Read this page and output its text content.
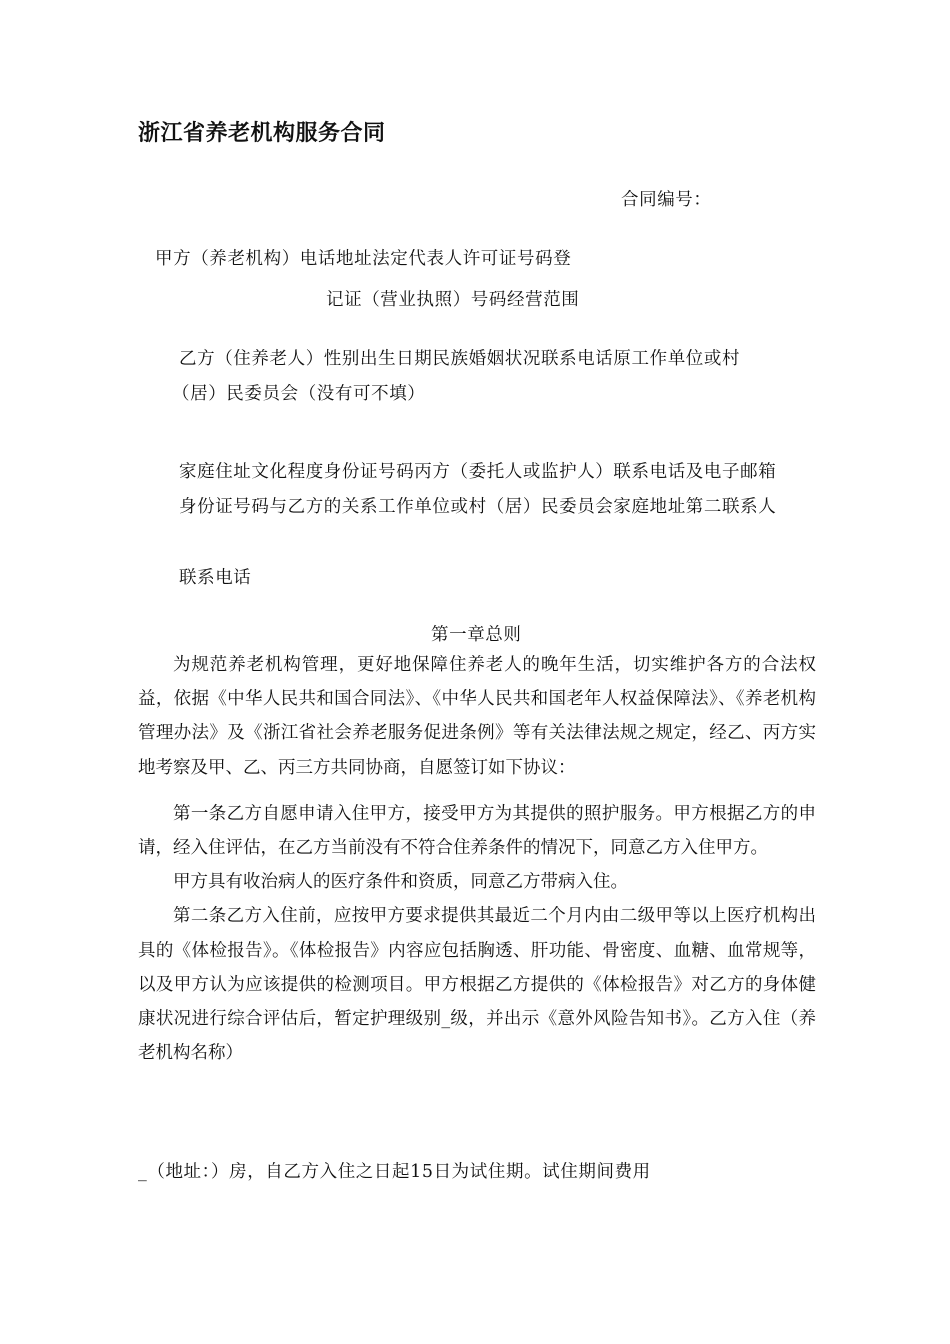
浙江省养老机构服务合同
合同编号：
甲方（养老机构）电话地址法定代表人许可证号码登
记证（营业执照）号码经营范围
乙方（住养老人）性别出生日期民族婚姻状况联系电话原工作单位或村
（居）民委员会（没有可不填）
家庭住址文化程度身份证号码丙方（委托人或监护人）联系电话及电子邮箱
身份证号码与乙方的关系工作单位或村（居）民委员会家庭地址第二联系人
联系电话
第一章总则

为规范养老机构管理，更好地保障住养老人的晚年生活，切实维护各方的合法权益，依据《中华人民共和国合同法》、《中华人民共和国老年人权益保障法》、《养老机构管理办法》及《浙江省社会养老服务促进条例》等有关法律法规之规定，经乙、丙方实地考察及甲、乙、丙三方共同协商，自愿签订如下协议：

第一条乙方自愿申请入住甲方，接受甲方为其提供的照护服务。甲方根据乙方的申请，经入住评估，在乙方当前没有不符合住养条件的情况下，同意乙方入住甲方。

甲方具有收治病人的医疗条件和资质，同意乙方带病入住。

第二条乙方入住前，应按甲方要求提供其最近二个月内由二级甲等以上医疗机构出具的《体检报告》。《体检报告》内容应包括胸透、肝功能、骨密度、血糖、血常规等，以及甲方认为应该提供的检测项目。甲方根据乙方提供的《体检报告》对乙方的身体健康状况进行综合评估后，暂定护理级别_级，并出示《意外风险告知书》。乙方入住（养老机构名称）

_（地址：）房，自乙方入住之日起15日为试住期。试住期间费用
